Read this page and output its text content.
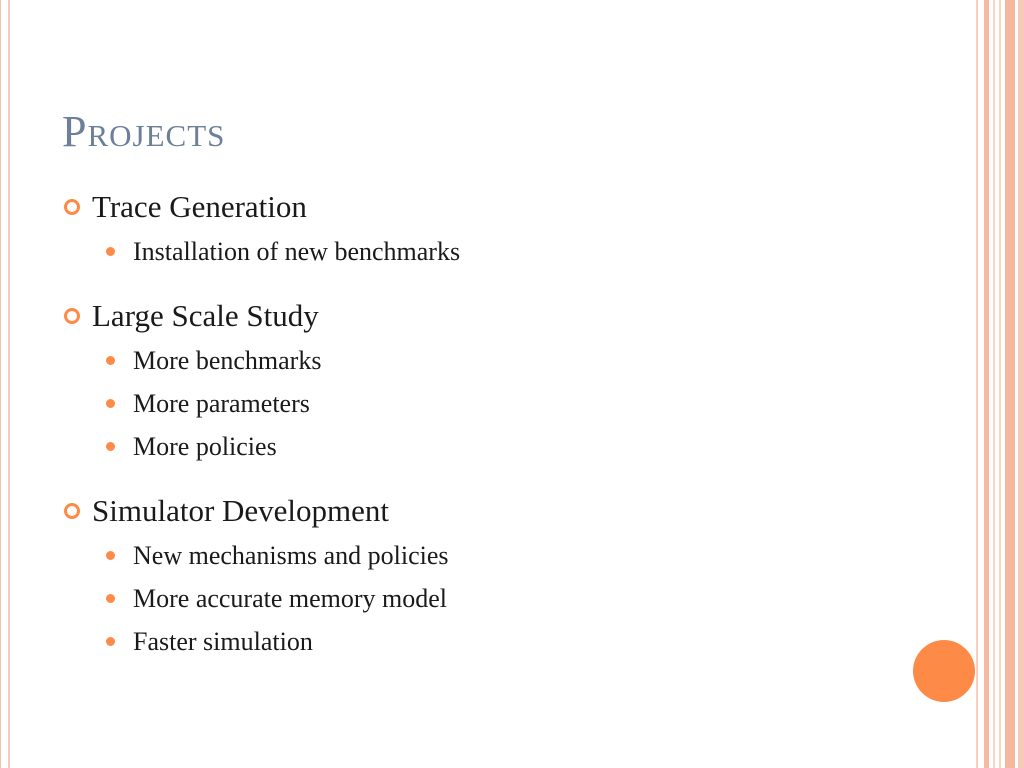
Projects
Trace Generation
Installation of new benchmarks
Large Scale Study
More benchmarks
More parameters
More policies
Simulator Development
New mechanisms and policies
More accurate memory model
Faster simulation
